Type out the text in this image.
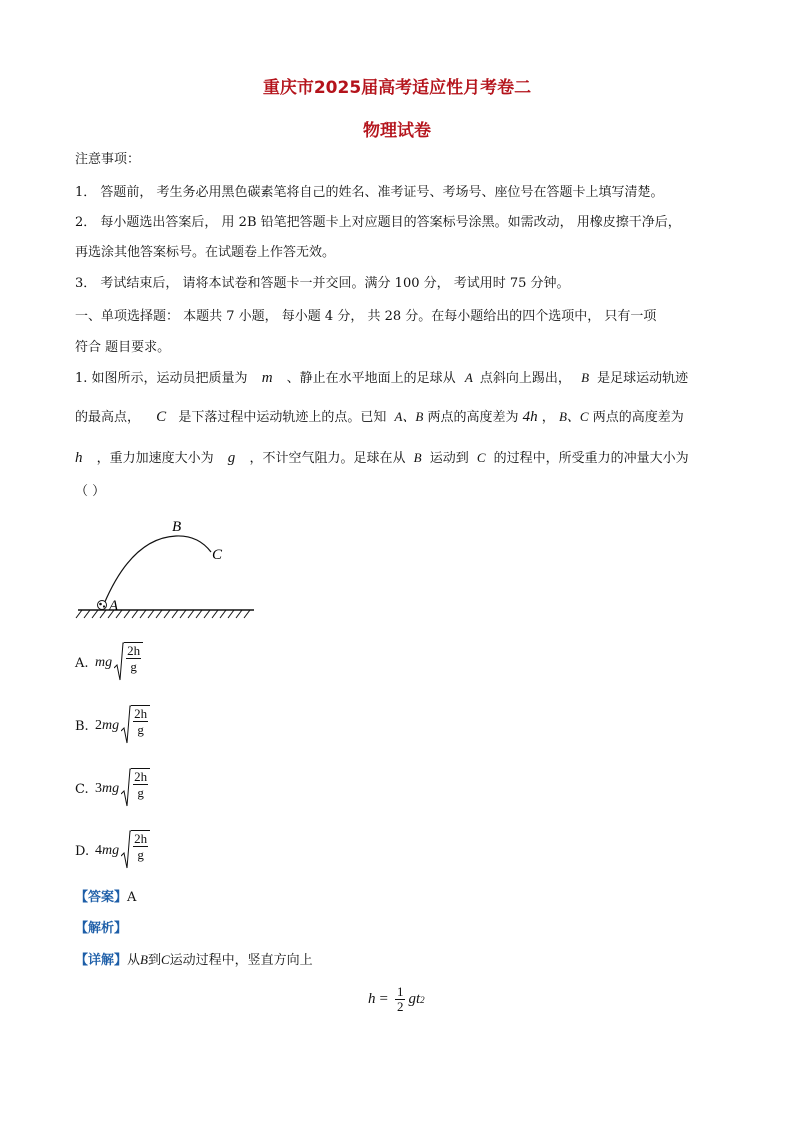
重庆市2025届高考适应性月考卷二
物理试卷
注意事项：
1． 答题前， 考生务必用黑色碳素笔将自己的姓名、准考证号、考场号、座位号在答题卡上填写清楚。
2． 每小题选出答案后， 用 2B 铅笔把答题卡上对应题目的答案标号涂黑。如需改动， 用橡皮擦干净后，
再选涂其他答案标号。在试题卷上作答无效。
3． 考试结束后， 请将本试卷和答题卡一并交回。满分 100 分， 考试用时 75 分钟。
一、单项选择题： 本题共 7 小题， 每小题 4 分， 共 28 分。在每小题给出的四个选项中， 只有一项
符合 题目要求。
1. 如图所示，运动员把质量为 m 、静止在水平地面上的足球从 A 点斜向上踢出， B 是足球运动轨迹
的最高点， C 是下落过程中运动轨迹上的点。已知 A、B 两点的高度差为 4h ， B、C 两点的高度差为
h ，重力加速度大小为 g ，不计空气阻力。足球在从 B 运动到 C 的过程中，所受重力的冲量大小为
（ ）
A
B
C
A. mg $\frac{2h}{g}$
B. $2mg \frac{2h}{g}$
C. $3mg \frac{2h}{g}$
D. $4mg \frac{2h}{g}$
【答案】A
【解析】
【详解】从B到C运动过程中，竖直方向上
$h = \frac{1}{2}$ gt 2
